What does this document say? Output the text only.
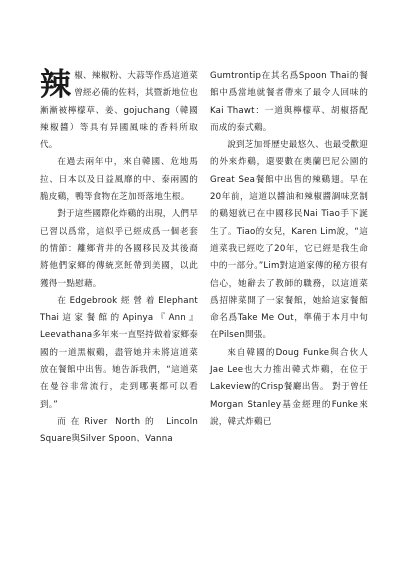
辣椒、辣椒粉、大蒜等作爲這道菜曾經必備的佐料，其暨新地位也漸漸被檸檬草、姜、gojuchang（韓國辣椒醬）等具有异國風味的香料所取代。

在過去兩年中，來自韓國、危地馬拉、日本以及日益風靡的中、泰兩國的脆皮鷄，鴨等食物在芝加哥落地生根。

對于這些國際化炸鷄的出現，人們早已習以爲常，這似乎已經成爲一個老套的情節：離鄉背井的各國移民及其後裔將他們家鄉的傳統烹飪帶到美國，以此獲得一點慰藉。

在Edgebrook經營着Elephant Thai這家餐館的Apinya『Ann』Leevathana多年來一直堅持做着家鄉泰國的一道黑椒鷄，盡管她并未將這道菜放在餐館中出售。她告訴我們，“這道菜在曼谷非常流行，走到哪裏都可以看到。”

而在River North的 Lincoln Square與Silver Spoon、Vanna

Gumtrontip在其名爲Spoon Thai的餐館中爲當地就餐者帶來了最令人回味的Kai Thawt：一道與檸檬草、胡椒搭配而成的泰式鷄。

說到芝加哥歷史最悠久、也最受歡迎的外來炸鷄，還要數在奧蘭巴尼公園的Great Sea餐館中出售的辣鷄翅。早在20年前，這道以醬油和辣椒醬調味烹制的鷄翅就已在中國移民Nai Tiao手下誕生了。Tiao的女兒，Karen Lim說，“這道菜我已經吃了20年，它已經是我生命中的一部分。”Lim對這道家傳的秘方很有信心，她辭去了教師的職務，以這道菜爲招牌菜開了一家餐館，她給這家餐館命名爲Take Me Out，準備于本月中旬在Pilsen開張。

來自韓國的Doug Funke與合伙人Jae Lee也大力推出韓式炸鷄，在位于Lakeview的Crisp餐廳出售。 對于曾任Morgan Stanley基金經理的Funke來說，韓式炸鷄已
